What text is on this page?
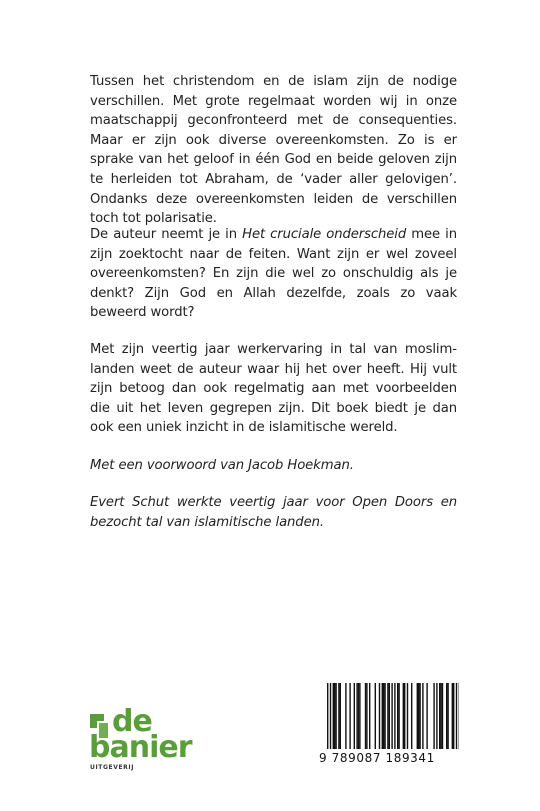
Tussen het christendom en de islam zijn de nodige verschillen. Met grote regelmaat worden wij in onze maatschappij geconfronteerd met de consequenties. Maar er zijn ook diverse overeenkomsten. Zo is er sprake van het geloof in één God en beide geloven zijn te herleiden tot Abraham, de ‘vader aller gelovigen’. Ondanks deze overeenkomsten leiden de verschillen toch tot polarisatie.

De auteur neemt je in Het cruciale onderscheid mee in zijn zoektocht naar de feiten. Want zijn er wel zoveel overeenkomsten? En zijn die wel zo onschuldig als je denkt? Zijn God en Allah dezelfde, zoals zo vaak beweerd wordt?

Met zijn veertig jaar werkervaring in tal van moslimlanden weet de auteur waar hij het over heeft. Hij vult zijn betoog dan ook regelmatig aan met voorbeelden die uit het leven gegrepen zijn. Dit boek biedt je dan ook een uniek inzicht in de islamitische wereld.

Met een voorwoord van Jacob Hoekman.

Evert Schut werkte veertig jaar voor Open Doors en bezocht tal van islamitische landen.

de
banier
UITGEVERIJ
9 789087 189341
